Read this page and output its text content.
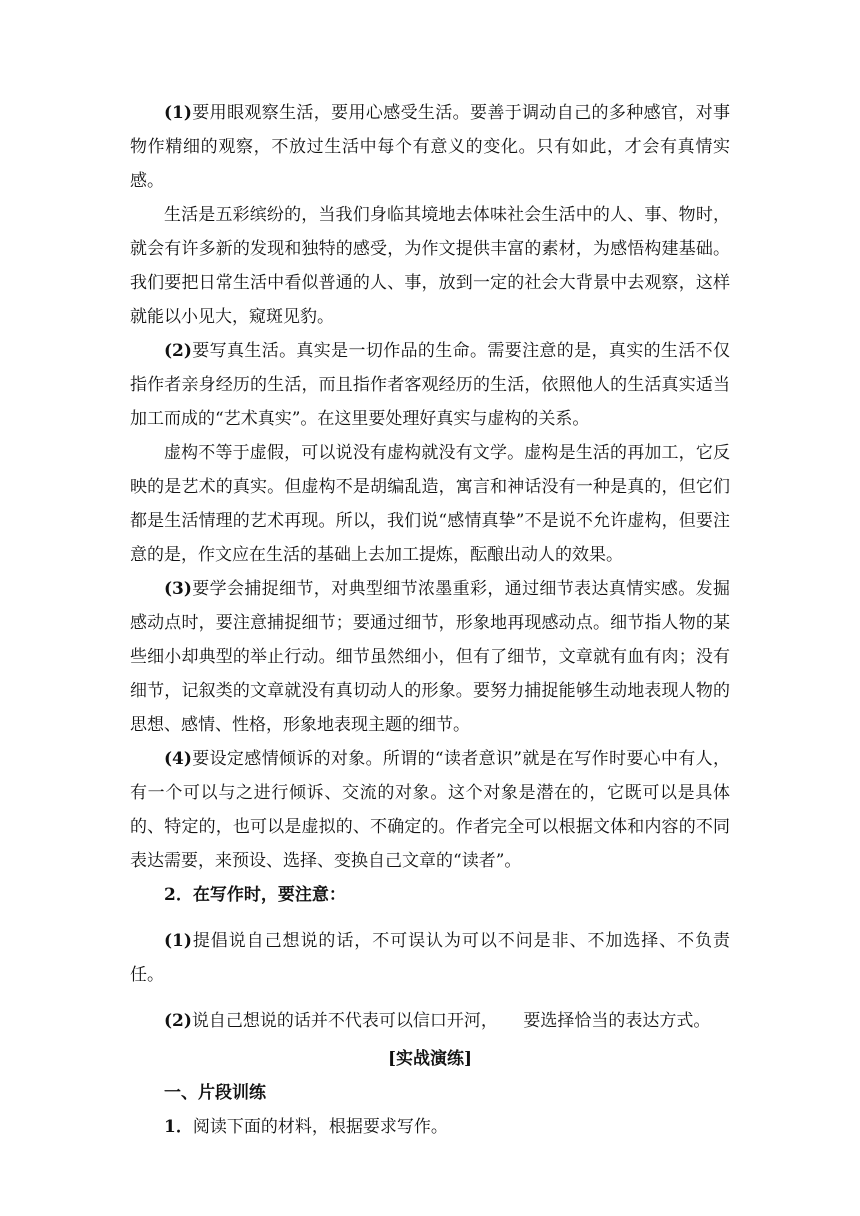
(1)要用眼观察生活，要用心感受生活。要善于调动自己的多种感官，对事物作精细的观察，不放过生活中每个有意义的变化。只有如此，才会有真情实感。

生活是五彩缤纷的，当我们身临其境地去体味社会生活中的人、事、物时，就会有许多新的发现和独特的感受，为作文提供丰富的素材，为感悟构建基础。我们要把日常生活中看似普通的人、事，放到一定的社会大背景中去观察，这样就能以小见大，窥斑见豹。

(2)要写真生活。真实是一切作品的生命。需要注意的是，真实的生活不仅指作者亲身经历的生活，而且指作者客观经历的生活，依照他人的生活真实适当加工而成的“艺术真实”。在这里要处理好真实与虚构的关系。

虚构不等于虚假，可以说没有虚构就没有文学。虚构是生活的再加工，它反映的是艺术的真实。但虚构不是胡编乱造，寓言和神话没有一种是真的，但它们都是生活情理的艺术再现。所以，我们说“感情真挚”不是说不允许虚构，但要注意的是，作文应在生活的基础上去加工提炼，酝酿出动人的效果。

(3)要学会捕捉细节，对典型细节浓墨重彩，通过细节表达真情实感。发掘感动点时，要注意捕捉细节；要通过细节，形象地再现感动点。细节指人物的某些细小却典型的举止行动。细节虽然细小，但有了细节，文章就有血有肉；没有细节，记叙类的文章就没有真切动人的形象。要努力捕捉能够生动地表现人物的思想、感情、性格，形象地表现主题的细节。

(4)要设定感情倾诉的对象。所谓的“读者意识”就是在写作时要心中有人，有一个可以与之进行倾诉、交流的对象。这个对象是潜在的，它既可以是具体的、特定的，也可以是虚拟的、不确定的。作者完全可以根据文体和内容的不同表达需要，来预设、选择、变换自己文章的“读者”。

2．在写作时，要注意：

(1)提倡说自己想说的话，不可误认为可以不问是非、不加选择、不负责任。

(2)说自己想说的话并不代表可以信口开河，　　要选择恰当的表达方式。

[实战演练]

一、片段训练

1．阅读下面的材料，根据要求写作。
